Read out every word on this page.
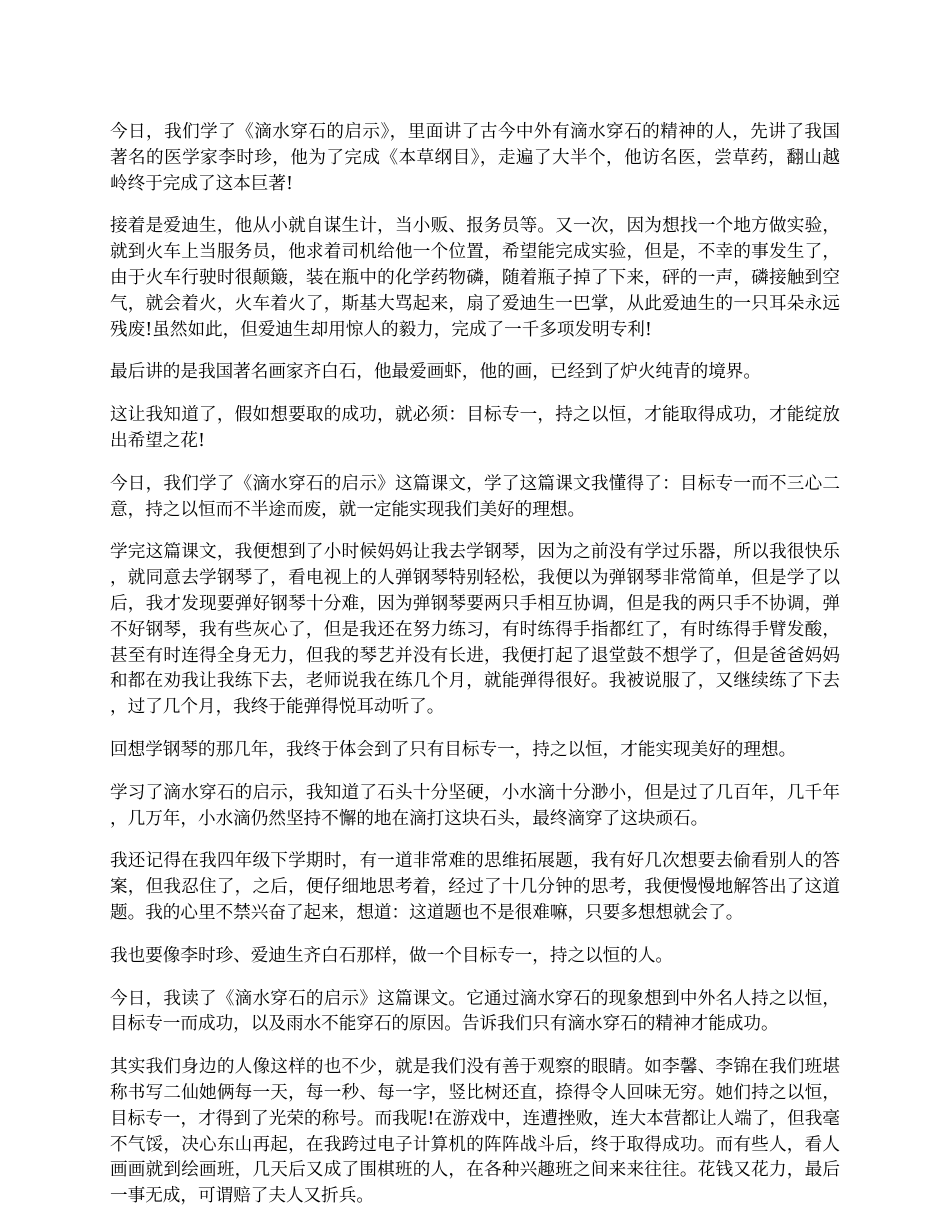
今日，我们学了《滴水穿石的启示》，里面讲了古今中外有滴水穿石的精神的人，先讲了我国著名的医学家李时珍，他为了完成《本草纲目》，走遍了大半个，他访名医，尝草药，翻山越岭终于完成了这本巨著!

接着是爱迪生，他从小就自谋生计，当小贩、报务员等。又一次，因为想找一个地方做实验，就到火车上当服务员，他求着司机给他一个位置，希望能完成实验，但是，不幸的事发生了，由于火车行驶时很颠簸，装在瓶中的化学药物磷，随着瓶子掉了下来，砰的一声，磷接触到空气，就会着火，火车着火了，斯基大骂起来，扇了爱迪生一巴掌，从此爱迪生的一只耳朵永远残废!虽然如此，但爱迪生却用惊人的毅力，完成了一千多项发明专利!

最后讲的是我国著名画家齐白石，他最爱画虾，他的画，已经到了炉火纯青的境界。

这让我知道了，假如想要取的成功，就必须：目标专一，持之以恒，才能取得成功，才能绽放出希望之花!

今日，我们学了《滴水穿石的启示》这篇课文，学了这篇课文我懂得了：目标专一而不三心二意，持之以恒而不半途而废，就一定能实现我们美好的理想。

学完这篇课文，我便想到了小时候妈妈让我去学钢琴，因为之前没有学过乐器，所以我很快乐，就同意去学钢琴了，看电视上的人弹钢琴特别轻松，我便以为弹钢琴非常简单，但是学了以后，我才发现要弹好钢琴十分难，因为弹钢琴要两只手相互协调，但是我的两只手不协调，弹不好钢琴，我有些灰心了，但是我还在努力练习，有时练得手指都红了，有时练得手臂发酸，甚至有时连得全身无力，但我的琴艺并没有长进，我便打起了退堂鼓不想学了，但是爸爸妈妈和都在劝我让我练下去，老师说我在练几个月，就能弹得很好。我被说服了，又继续练了下去，过了几个月，我终于能弹得悦耳动听了。

回想学钢琴的那几年，我终于体会到了只有目标专一，持之以恒，才能实现美好的理想。

学习了滴水穿石的启示，我知道了石头十分坚硬，小水滴十分渺小，但是过了几百年，几千年，几万年，小水滴仍然坚持不懈的地在滴打这块石头，最终滴穿了这块顽石。

我还记得在我四年级下学期时，有一道非常难的思维拓展题，我有好几次想要去偷看别人的答案，但我忍住了，之后，便仔细地思考着，经过了十几分钟的思考，我便慢慢地解答出了这道题。我的心里不禁兴奋了起来，想道：这道题也不是很难嘛，只要多想想就会了。

我也要像李时珍、爱迪生齐白石那样，做一个目标专一，持之以恒的人。

今日，我读了《滴水穿石的启示》这篇课文。它通过滴水穿石的现象想到中外名人持之以恒，目标专一而成功，以及雨水不能穿石的原因。告诉我们只有滴水穿石的精神才能成功。

其实我们身边的人像这样的也不少，就是我们没有善于观察的眼睛。如李馨、李锦在我们班堪称书写二仙她俩每一天，每一秒、每一字，竖比树还直，捺得令人回味无穷。她们持之以恒，目标专一，才得到了光荣的称号。而我呢!在游戏中，连遭挫败，连大本营都让人端了，但我毫不气馁，决心东山再起，在我跨过电子计算机的阵阵战斗后，终于取得成功。而有些人，看人画画就到绘画班，几天后又成了围棋班的人，在各种兴趣班之间来来往往。花钱又花力，最后一事无成，可谓赔了夫人又折兵。
